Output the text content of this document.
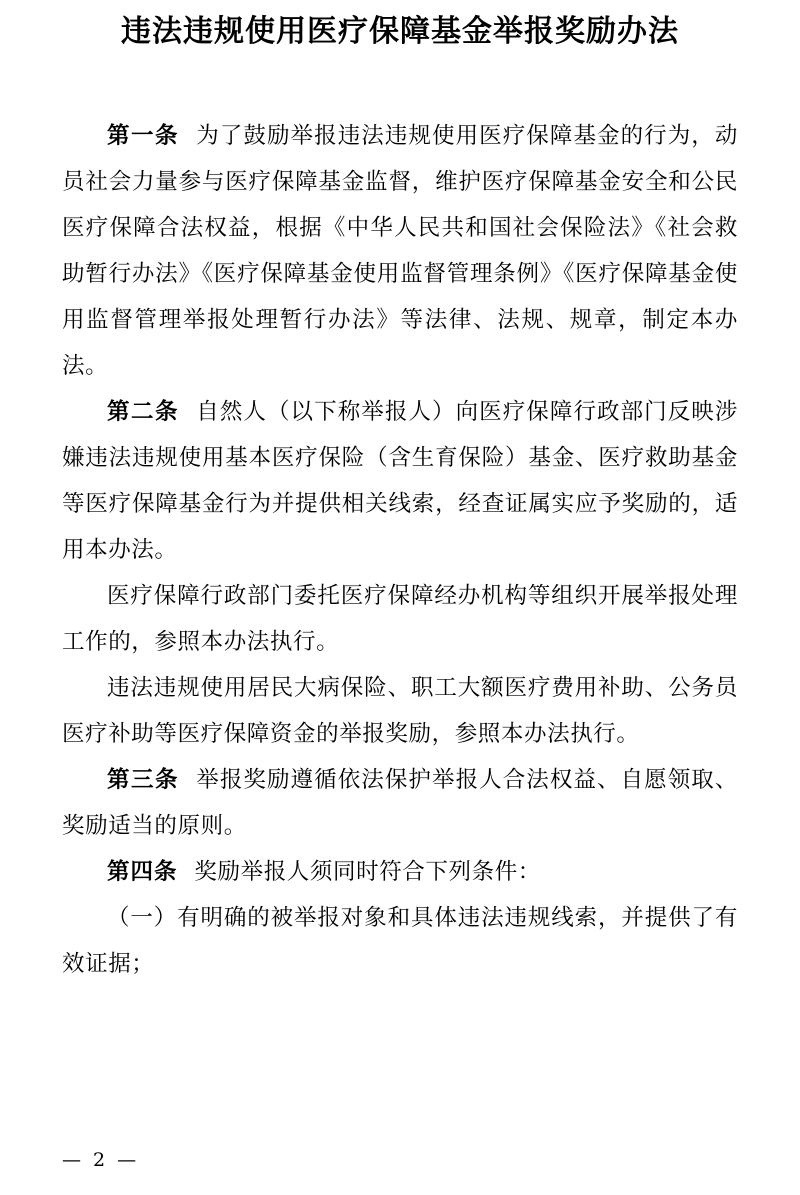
违法违规使用医疗保障基金举报奖励办法

第一条 为了鼓励举报违法违规使用医疗保障基金的行为，动员社会力量参与医疗保障基金监督，维护医疗保障基金安全和公民医疗保障合法权益，根据《中华人民共和国社会保险法》《社会救助暂行办法》《医疗保障基金使用监督管理条例》《医疗保障基金使用监督管理举报处理暂行办法》等法律、法规、规章，制定本办法。

第二条 自然人（以下称举报人）向医疗保障行政部门反映涉嫌违法违规使用基本医疗保险（含生育保险）基金、医疗救助基金等医疗保障基金行为并提供相关线索，经查证属实应予奖励的，适用本办法。

医疗保障行政部门委托医疗保障经办机构等组织开展举报处理工作的，参照本办法执行。

违法违规使用居民大病保险、职工大额医疗费用补助、公务员医疗补助等医疗保障资金的举报奖励，参照本办法执行。

第三条 举报奖励遵循依法保护举报人合法权益、自愿领取、奖励适当的原则。

第四条 奖励举报人须同时符合下列条件：

（一）有明确的被举报对象和具体违法违规线索，并提供了有效证据；

— 2 —
